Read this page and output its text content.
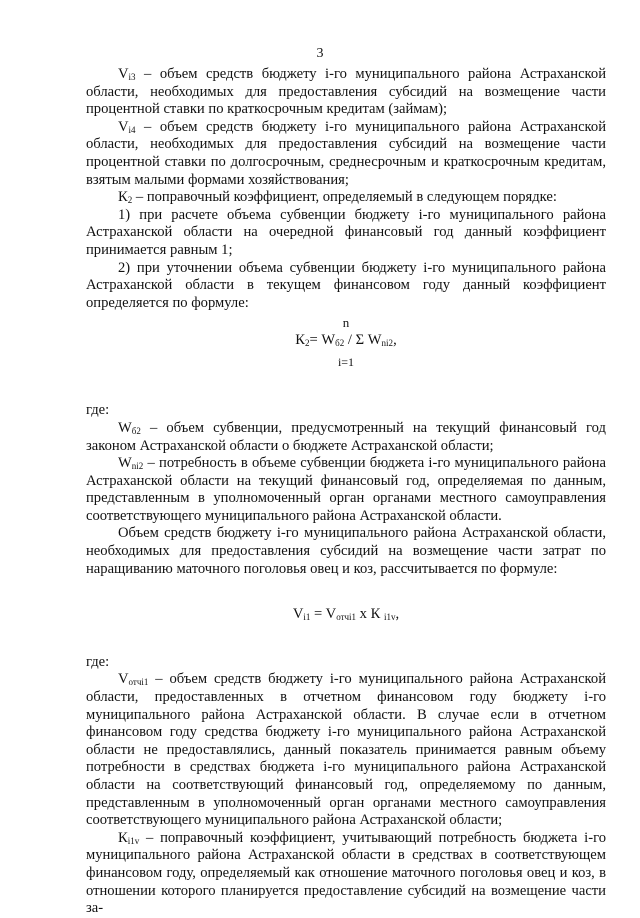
3

$V_{i3}$ – объем средств бюджету i-го муниципального района Астраханской области, необходимых для предоставления субсидий на возмещение части процентной ставки по краткосрочным кредитам (займам);

$V_{i4}$ – объем средств бюджету i-го муниципального района Астраханской области, необходимых для предоставления субсидий на возмещение части процентной ставки по долгосрочным, среднесрочным и краткосрочным кредитам, взятым малыми формами хозяйствования;

$К_2$ – поправочный коэффициент, определяемый в следующем порядке:

1) при расчете объема субвенции бюджету i-го муниципального района Астраханской области на очередной финансовый год данный коэффициент принимается равным 1;

2) при уточнении объема субвенции бюджету i-го муниципального района Астраханской области в текущем финансовом году данный коэффициент определяется по формуле:

n
$К_2= W_{б2} / \Sigma$ $W_{ni2}$,
i=1

где:

$W_{б2}$ – объем субвенции, предусмотренный на текущий финансовый год законом Астраханской области о бюджете Астраханской области;

$W_{ni2}$ – потребность в объеме субвенции бюджета i-го муниципального района Астраханской области на текущий финансовый год, определяемая по данным, представленным в уполномоченный орган органами местного самоуправления соответствующего муниципального района Астраханской области.

Объем средств бюджету i-го муниципального района Астраханской области, необходимых для предоставления субсидий на возмещение части затрат по наращиванию маточного поголовья овец и коз, рассчитывается по формуле:

$V_{i1} = V_{отчi1}$ х К $_{i1v}$,

где:

$V_{отчi1}$ – объем средств бюджету i-го муниципального района Астраханской области, предоставленных в отчетном финансовом году бюджету i-го муниципального района Астраханской области. В случае если в отчетном финансовом году средства бюджету i-го муниципального района Астраханской области не предоставлялись, данный показатель принимается равным объему потребности в средствах бюджета i-го муниципального района Астраханской области на соответствующий финансовый год, определяемому по данным, представленным в уполномоченный орган органами местного самоуправления соответствующего муниципального района Астраханской области;

$К_{i1v}$ – поправочный коэффициент, учитывающий потребность бюджета i-го муниципального района Астраханской области в средствах в соответствующем финансовом году, определяемый как отношение маточного поголовья овец и коз, в отношении которого планируется предоставление субсидий на возмещение части за-
